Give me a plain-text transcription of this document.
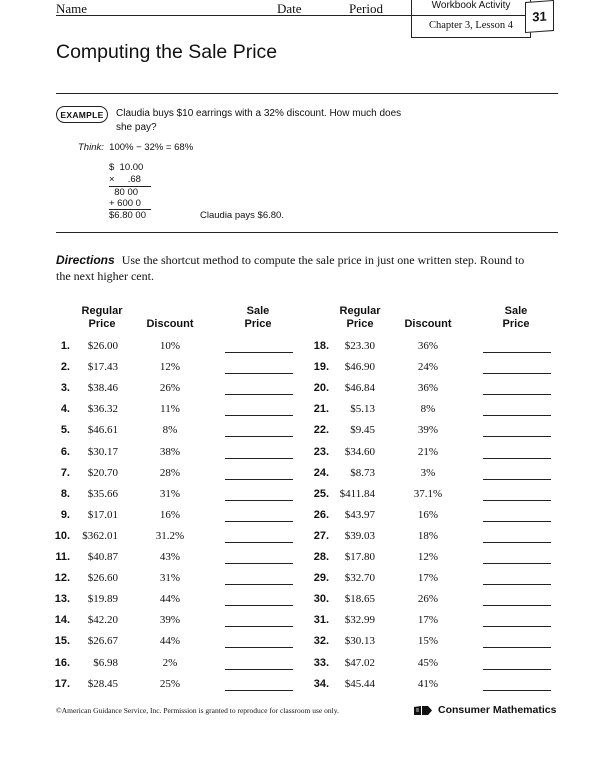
Name	Date	Period	Workbook Activity
Chapter 3, Lesson 4
31
Computing the Sale Price
EXAMPLE Claudia buys $10 earrings with a 32% discount. How much does she pay?
Think: 100% − 32% = 68%
$  10.00
×     .68
80 00
+ 600 0
$6.80 00	Claudia pays $6.80.
Directions Use the shortcut method to compute the sale price in just one written step. Round to the next higher cent.
Regular Price	Discount
Sale Price
Regular Price	Discount
Sale Price
1.	$26.00	10%
2.	$17.43	12%
3.	$38.46	26%
4.	$36.32	11%
5.	$46.61	8%
6.	$30.17	38%
7.	$20.70	28%
8.	$35.66	31%
9.	$17.01	16%
10.	$362.01	31.2%
11.	$40.87	43%
12.	$26.60	31%
13.	$19.89	44%
14.	$42.20	39%
15.	$26.67	44%
16.	$6.98	2%
17.	$28.45	25%
18.	$23.30	36%
19.	$46.90	24%
20.	$46.84	36%
21.	$5.13	8%
22.	$9.45	39%
23.	$34.60	21%
24.	$8.73	3%
25. $411.84	37.1%
26.	$43.97	16%
27.	$39.03	18%
28.	$17.80	12%
29.	$32.70	17%
30.	$18.65	26%
31.	$32.99	17%
32.	$30.13	15%
33.	$47.02	45%
34.	$45.44	41%
©American Guidance Service, Inc. Permission is granted to reproduce for classroom use only.	Consumer Mathematics
